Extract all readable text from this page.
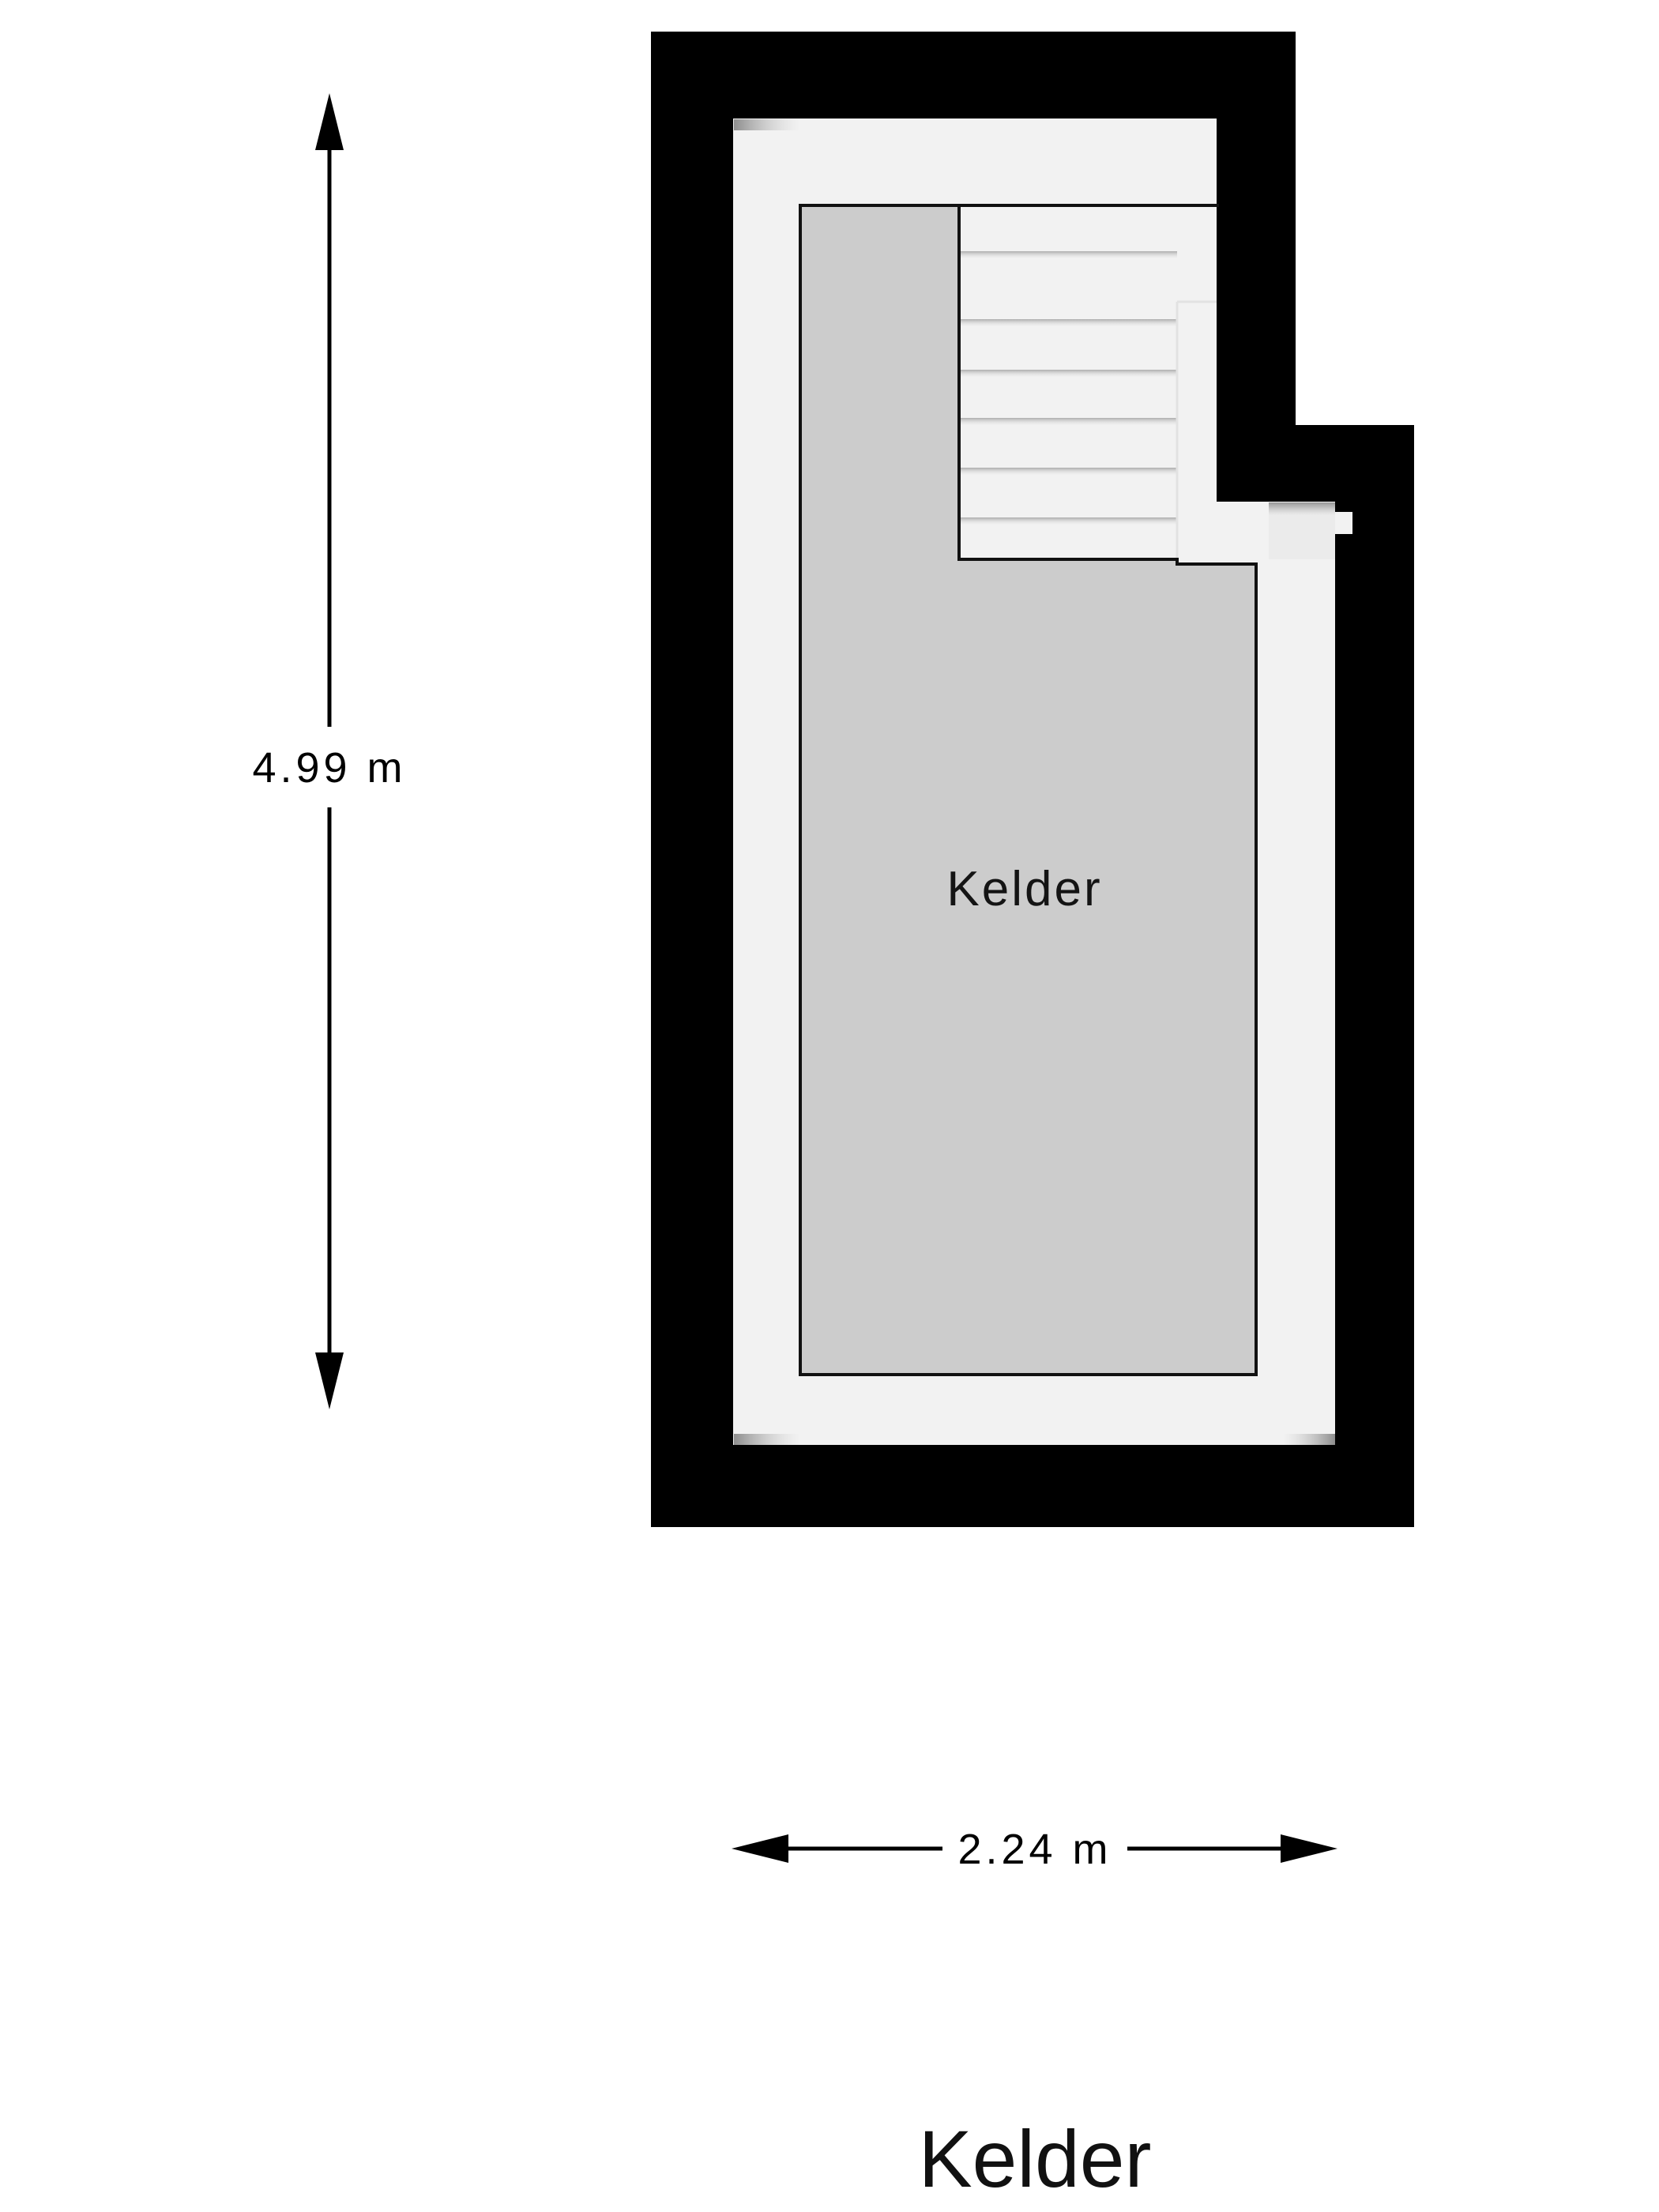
4.99 m
2.24 m
Kelder
Kelder
